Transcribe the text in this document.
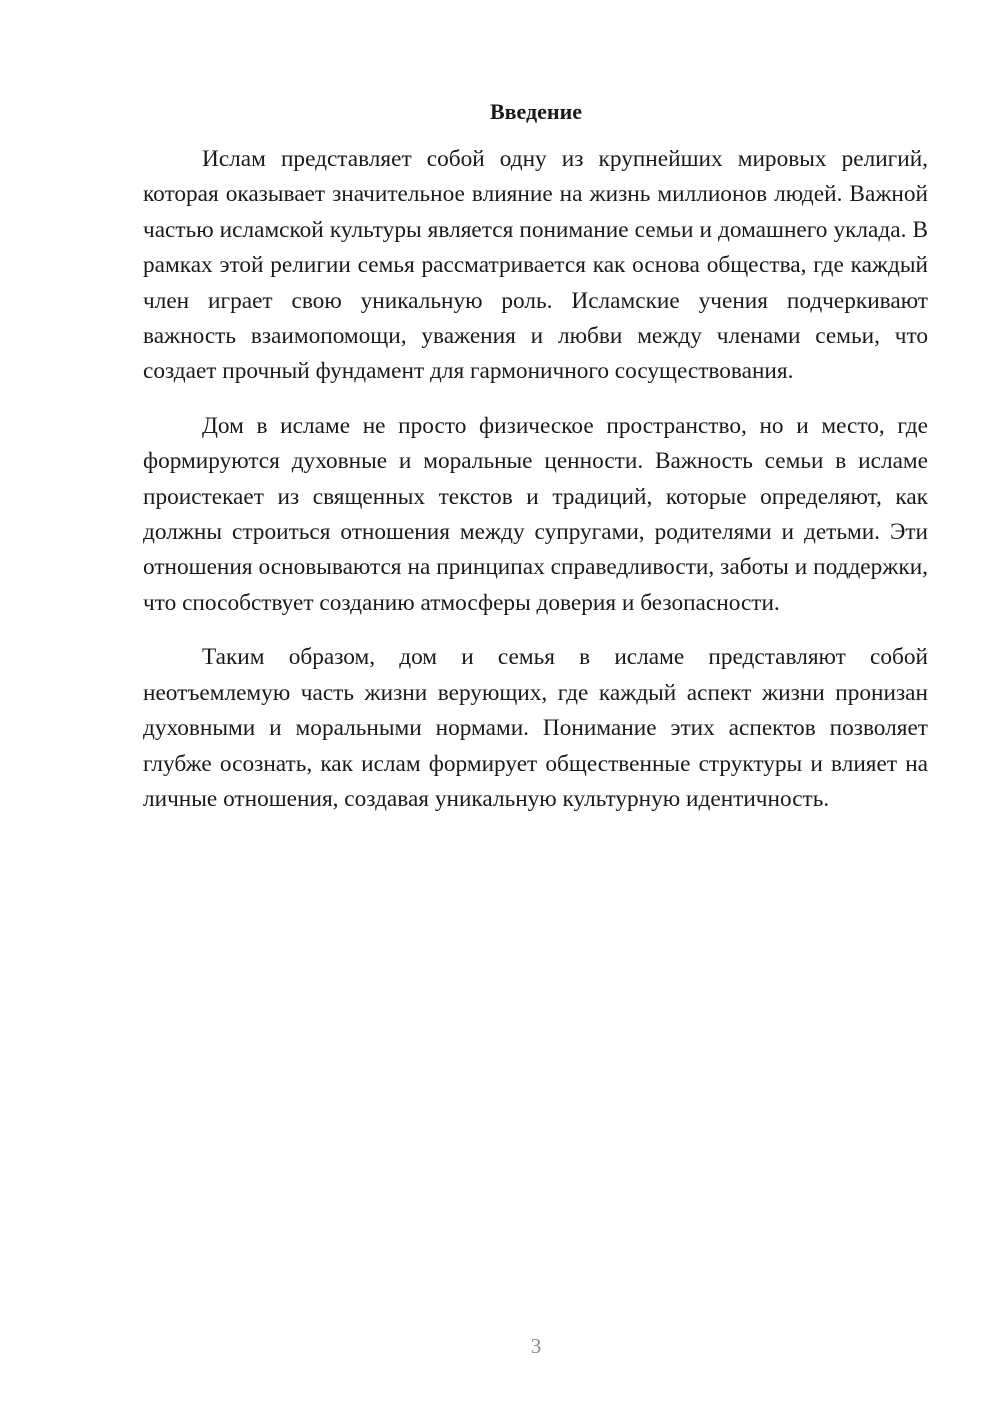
Введение

Ислам представляет собой одну из крупнейших мировых религий, которая оказывает значительное влияние на жизнь миллионов людей. Важной частью исламской культуры является понимание семьи и домашнего уклада. В рамках этой религии семья рассматривается как основа общества, где каждый член играет свою уникальную роль. Исламские учения подчеркивают важность взаимопомощи, уважения и любви между членами семьи, что создает прочный фундамент для гармоничного сосуществования.

Дом в исламе не просто физическое пространство, но и место, где формируются духовные и моральные ценности. Важность семьи в исламе проистекает из священных текстов и традиций, которые определяют, как должны строиться отношения между супругами, родителями и детьми. Эти отношения основываются на принципах справедливости, заботы и поддержки, что способствует созданию атмосферы доверия и безопасности.

Таким образом, дом и семья в исламе представляют собой неотъемлемую часть жизни верующих, где каждый аспект жизни пронизан духовными и моральными нормами. Понимание этих аспектов позволяет глубже осознать, как ислам формирует общественные структуры и влияет на личные отношения, создавая уникальную культурную идентичность.

3
